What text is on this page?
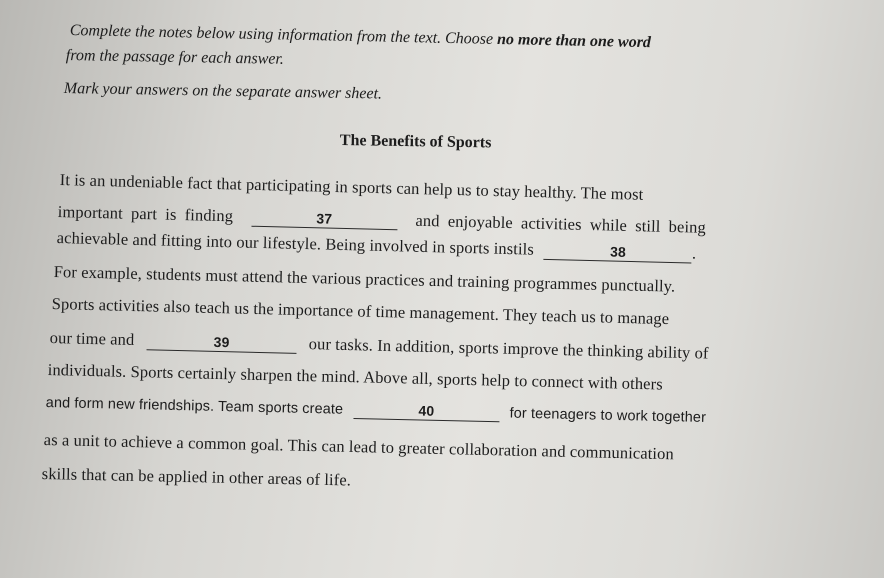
Complete the notes below using information from the text. Choose no more than one word
from the passage for each answer.
Mark your answers on the separate answer sheet.
The Benefits of Sports
It is an undeniable fact that participating in sports can help us to stay healthy. The most
important part is finding	37	and enjoyable activities while still being
achievable and fitting into our lifestyle. Being involved in sports instils	38	.
For example, students must attend the various practices and training programmes punctually.
Sports activities also teach us the importance of time management. They teach us to manage
our time and	39	our tasks. In addition, sports improve the thinking ability of
individuals. Sports certainly sharpen the mind. Above all, sports help to connect with others
and form new friendships. Team sports create	40	for teenagers to work together
as a unit to achieve a common goal. This can lead to greater collaboration and communication
skills that can be applied in other areas of life.
